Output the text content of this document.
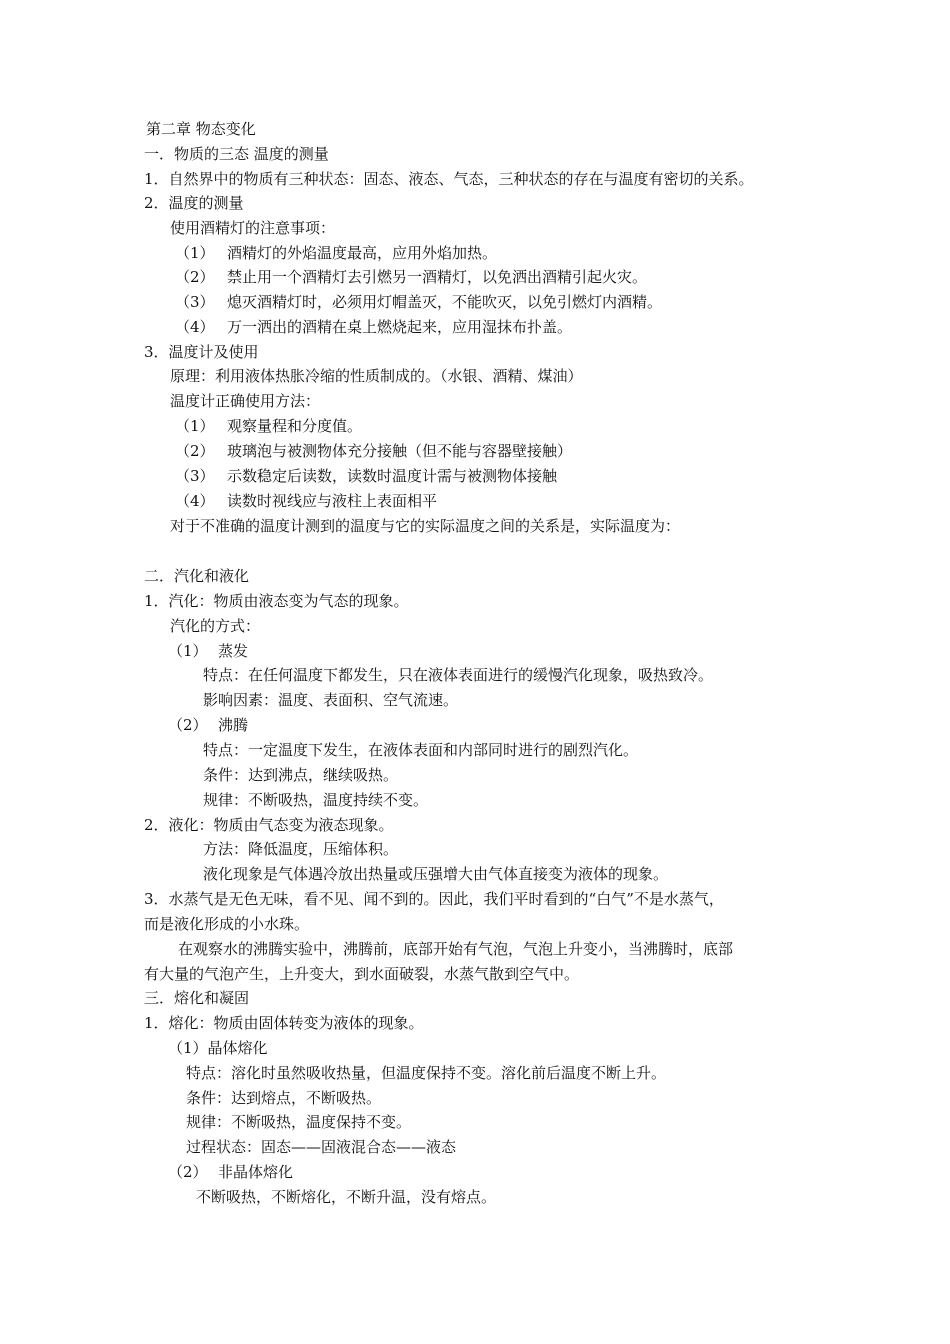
第二章 物态变化
一．物质的三态 温度的测量
1．自然界中的物质有三种状态：固态、液态、气态，三种状态的存在与温度有密切的关系。
2．温度的测量
使用酒精灯的注意事项：
（1） 酒精灯的外焰温度最高，应用外焰加热。
（2） 禁止用一个酒精灯去引燃另一酒精灯，以免洒出酒精引起火灾。
（3） 熄灭酒精灯时，必须用灯帽盖灭，不能吹灭，以免引燃灯内酒精。
（4） 万一洒出的酒精在桌上燃烧起来，应用湿抹布扑盖。
3．温度计及使用
原理：利用液体热胀冷缩的性质制成的。（水银、酒精、煤油）
温度计正确使用方法：
（1） 观察量程和分度值。
（2） 玻璃泡与被测物体充分接触（但不能与容器壁接触）
（3） 示数稳定后读数，读数时温度计需与被测物体接触
（4） 读数时视线应与液柱上表面相平
对于不准确的温度计测到的温度与它的实际温度之间的关系是，实际温度为：
二．汽化和液化
1．汽化：物质由液态变为气态的现象。
汽化的方式：
（1） 蒸发
特点：在任何温度下都发生，只在液体表面进行的缓慢汽化现象，吸热致冷。
影响因素：温度、表面积、空气流速。
（2） 沸腾
特点：一定温度下发生，在液体表面和内部同时进行的剧烈汽化。
条件：达到沸点，继续吸热。
规律：不断吸热，温度持续不变。
2．液化：物质由气态变为液态现象。
方法：降低温度，压缩体积。
液化现象是气体遇冷放出热量或压强增大由气体直接变为液体的现象。
3．水蒸气是无色无味，看不见、闻不到的。因此，我们平时看到的“白气”不是水蒸气，
而是液化形成的小水珠。
在观察水的沸腾实验中，沸腾前，底部开始有气泡，气泡上升变小，当沸腾时，底部
有大量的气泡产生，上升变大，到水面破裂，水蒸气散到空气中。
三．熔化和凝固
1．熔化：物质由固体转变为液体的现象。
（1）晶体熔化
特点：溶化时虽然吸收热量，但温度保持不变。溶化前后温度不断上升。
条件：达到熔点，不断吸热。
规律：不断吸热，温度保持不变。
过程状态：固态——固液混合态——液态
（2） 非晶体熔化
不断吸热，不断熔化，不断升温，没有熔点。
